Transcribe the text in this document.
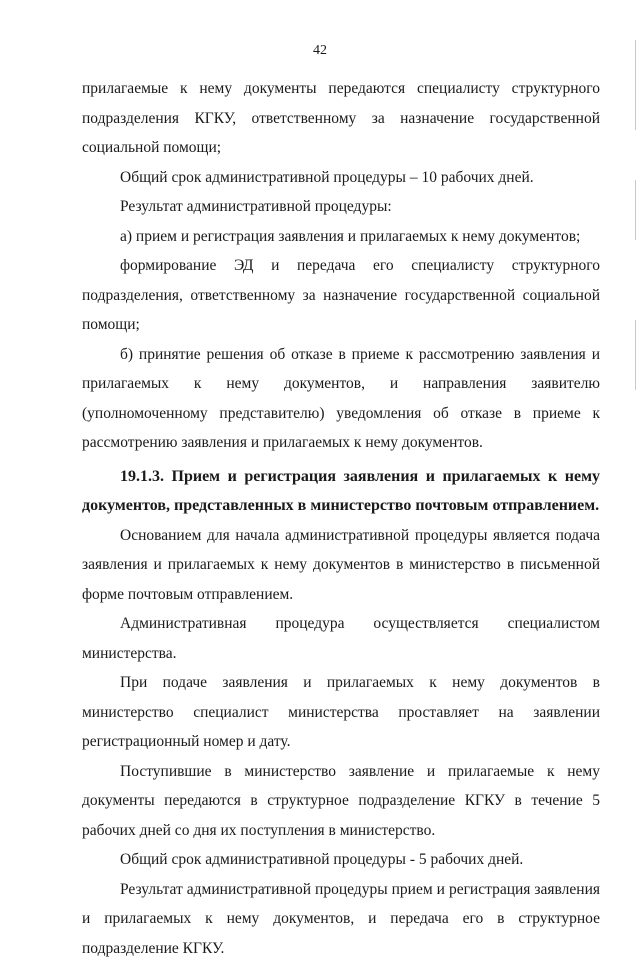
42

прилагаемые к нему документы передаются специалисту структурного подразделения КГКУ, ответственному за назначение государственной социальной помощи;

Общий срок административной процедуры – 10 рабочих дней.

Результат административной процедуры:

а) прием и регистрация заявления и прилагаемых к нему документов;

формирование ЭД и передача его специалисту структурного подразделения, ответственному за назначение государственной социальной помощи;

б) принятие решения об отказе в приеме к рассмотрению заявления и прилагаемых к нему документов, и направления заявителю (уполномоченному представителю) уведомления об отказе в приеме к рассмотрению заявления и прилагаемых к нему документов.

19.1.3. Прием и регистрация заявления и прилагаемых к нему документов, представленных в министерство почтовым отправлением.

Основанием для начала административной процедуры является подача заявления и прилагаемых к нему документов в министерство в письменной форме почтовым отправлением.

Административная процедура осуществляется специалистом министерства.

При подаче заявления и прилагаемых к нему документов в министерство специалист министерства проставляет на заявлении регистрационный номер и дату.

Поступившие в министерство заявление и прилагаемые к нему документы передаются в структурное подразделение КГКУ в течение 5 рабочих дней со дня их поступления в министерство.

Общий срок административной процедуры - 5 рабочих дней.

Результат административной процедуры прием и регистрация заявления и прилагаемых к нему документов, и передача его в структурное подразделение КГКУ.
